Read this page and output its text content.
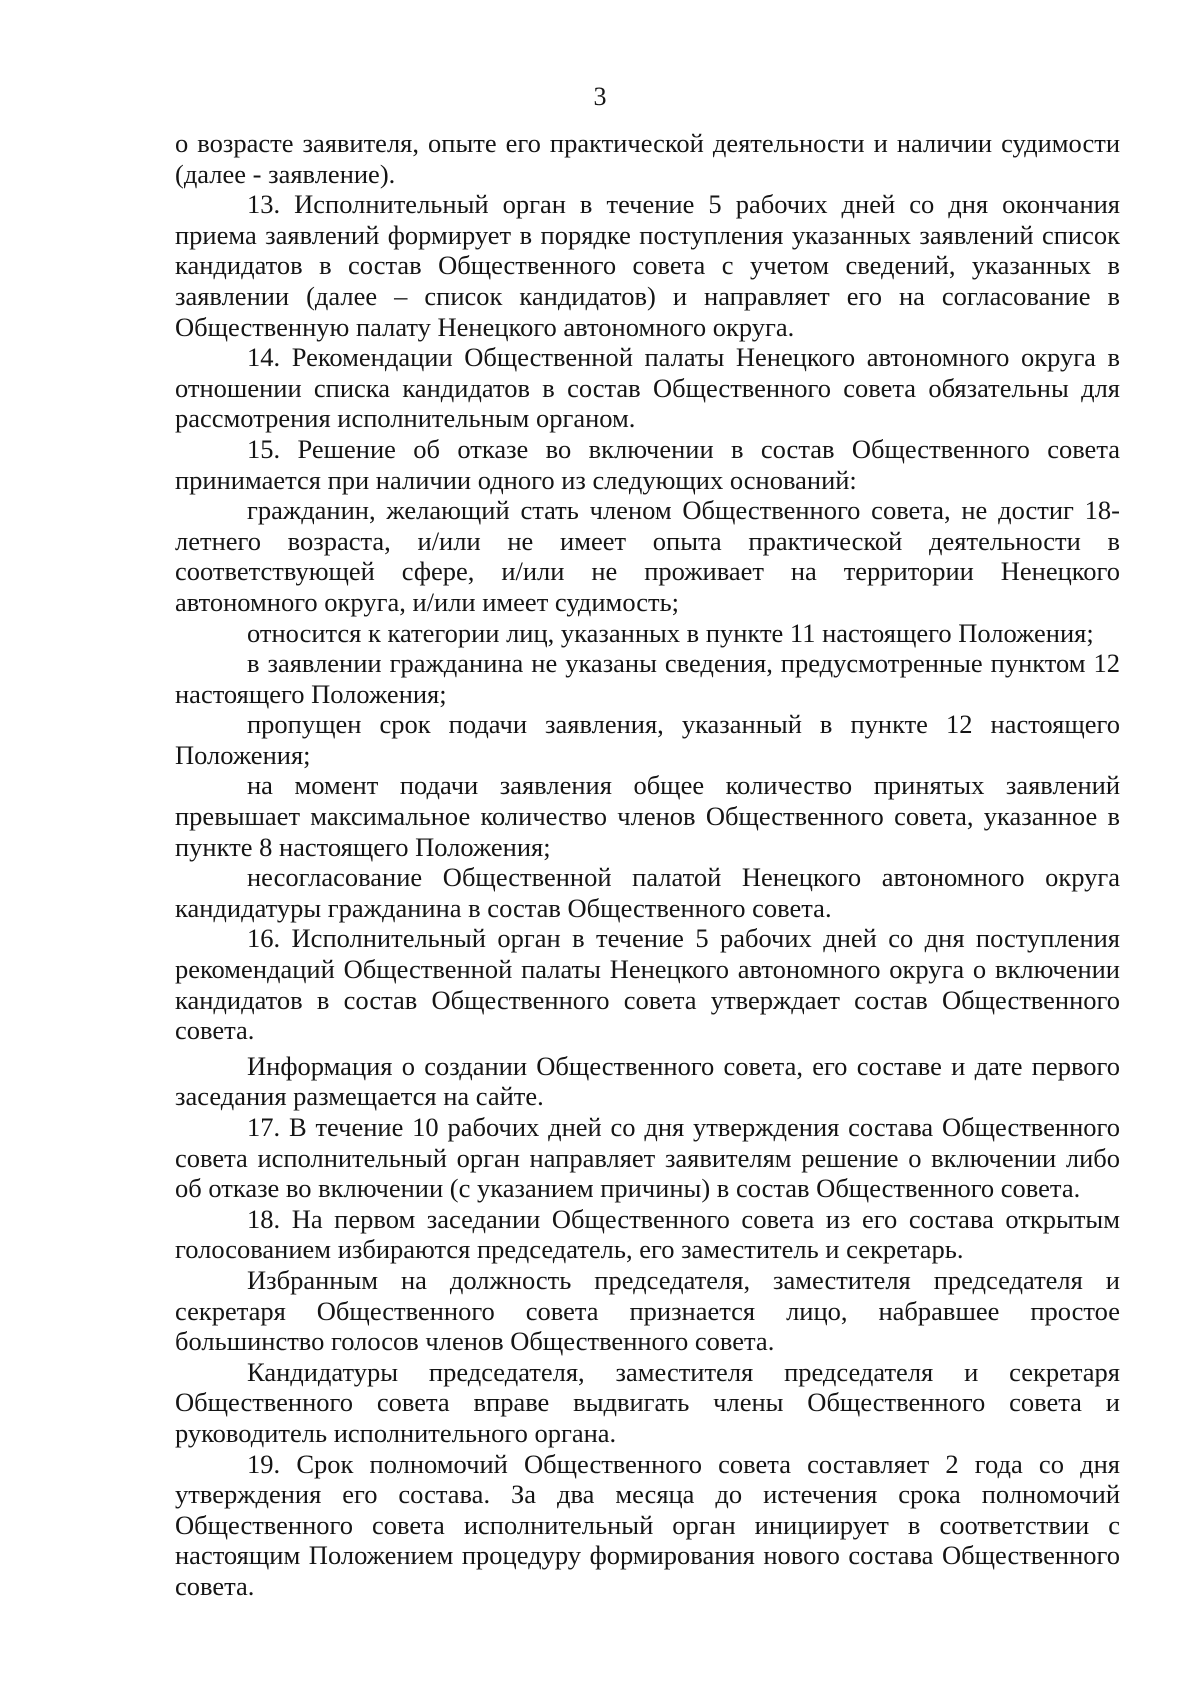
3

о возрасте заявителя, опыте его практической деятельности и наличии судимости (далее - заявление).

13. Исполнительный орган в течение 5 рабочих дней со дня окончания приема заявлений формирует в порядке поступления указанных заявлений список кандидатов в состав Общественного совета с учетом сведений, указанных в заявлении (далее – список кандидатов) и направляет его на согласование в Общественную палату Ненецкого автономного округа.

14. Рекомендации Общественной палаты Ненецкого автономного округа в отношении списка кандидатов в состав Общественного совета обязательны для рассмотрения исполнительным органом.

15. Решение об отказе во включении в состав Общественного совета принимается при наличии одного из следующих оснований:

гражданин, желающий стать членом Общественного совета, не достиг 18-летнего возраста, и/или не имеет опыта практической деятельности в соответствующей сфере, и/или не проживает на территории Ненецкого автономного округа, и/или имеет судимость;

относится к категории лиц, указанных в пункте 11 настоящего Положения;

в заявлении гражданина не указаны сведения, предусмотренные пунктом 12 настоящего Положения;

пропущен срок подачи заявления, указанный в пункте 12 настоящего Положения;

на момент подачи заявления общее количество принятых заявлений превышает максимальное количество членов Общественного совета, указанное в пункте 8 настоящего Положения;

несогласование Общественной палатой Ненецкого автономного округа кандидатуры гражданина в состав Общественного совета.

16. Исполнительный орган в течение 5 рабочих дней со дня поступления рекомендаций Общественной палаты Ненецкого автономного округа о включении кандидатов в состав Общественного совета утверждает состав Общественного совета.

Информация о создании Общественного совета, его составе и дате первого заседания размещается на сайте.

17. В течение 10 рабочих дней со дня утверждения состава Общественного совета исполнительный орган направляет заявителям решение о включении либо об отказе во включении (с указанием причины) в состав Общественного совета.

18. На первом заседании Общественного совета из его состава открытым голосованием избираются председатель, его заместитель и секретарь.

Избранным на должность председателя, заместителя председателя и секретаря Общественного совета признается лицо, набравшее простое большинство голосов членов Общественного совета.

Кандидатуры председателя, заместителя председателя и секретаря Общественного совета вправе выдвигать члены Общественного совета и руководитель исполнительного органа.

19. Срок полномочий Общественного совета составляет 2 года со дня утверждения его состава. За два месяца до истечения срока полномочий Общественного совета исполнительный орган инициирует в соответствии с настоящим Положением процедуру формирования нового состава Общественного совета.
